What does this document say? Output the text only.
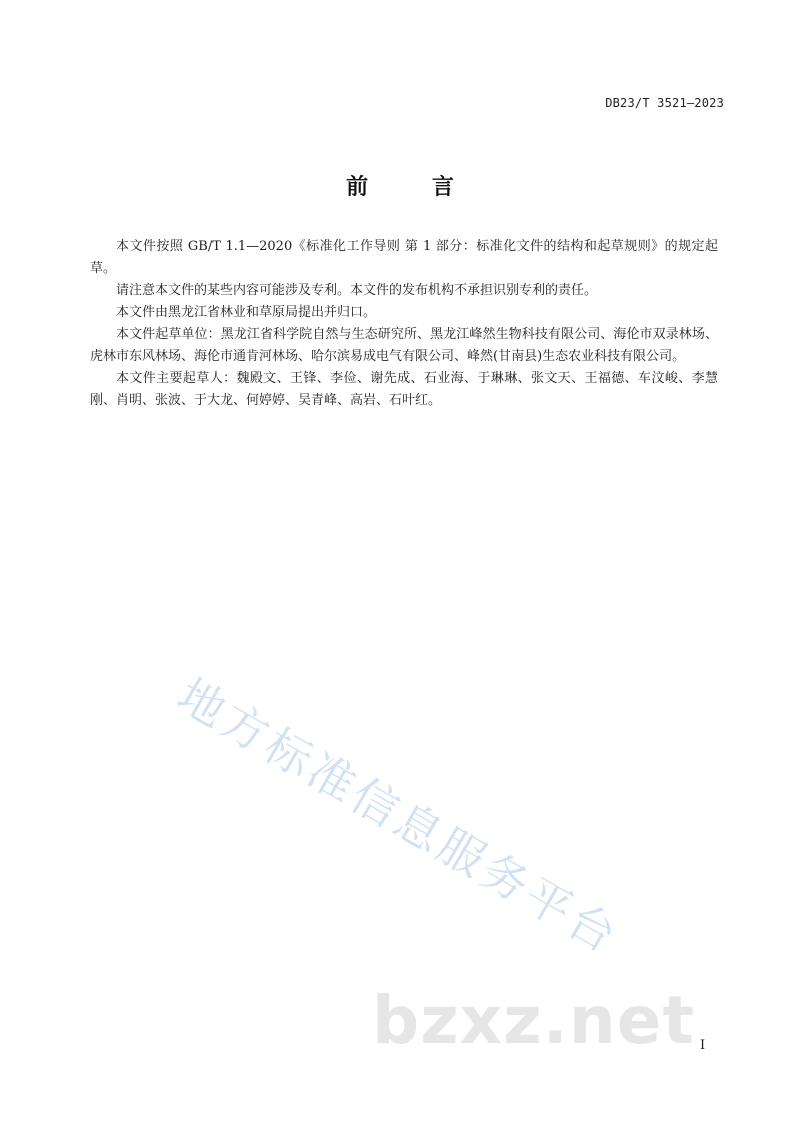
DB23/T 3521—2023
前 言

本文件按照 GB/T 1.1—2020《标准化工作导则 第 1 部分：标准化文件的结构和起草规则》的规定起草。

请注意本文件的某些内容可能涉及专利。本文件的发布机构不承担识别专利的责任。

本文件由黑龙江省林业和草原局提出并归口。

本文件起草单位：黑龙江省科学院自然与生态研究所、黑龙江峰然生物科技有限公司、海伦市双录林场、虎林市东风林场、海伦市通肯河林场、哈尔滨易成电气有限公司、峰然(甘南县)生态农业科技有限公司。

本文件主要起草人：魏殿文、王锋、李俭、谢先成、石业海、于琳琳、张文天、王福德、车汶峻、李慧刚、肖明、张波、于大龙、何婷婷、吴青峰、高岩、石叶红。

地方标准信息服务平台
bzxz.net I
